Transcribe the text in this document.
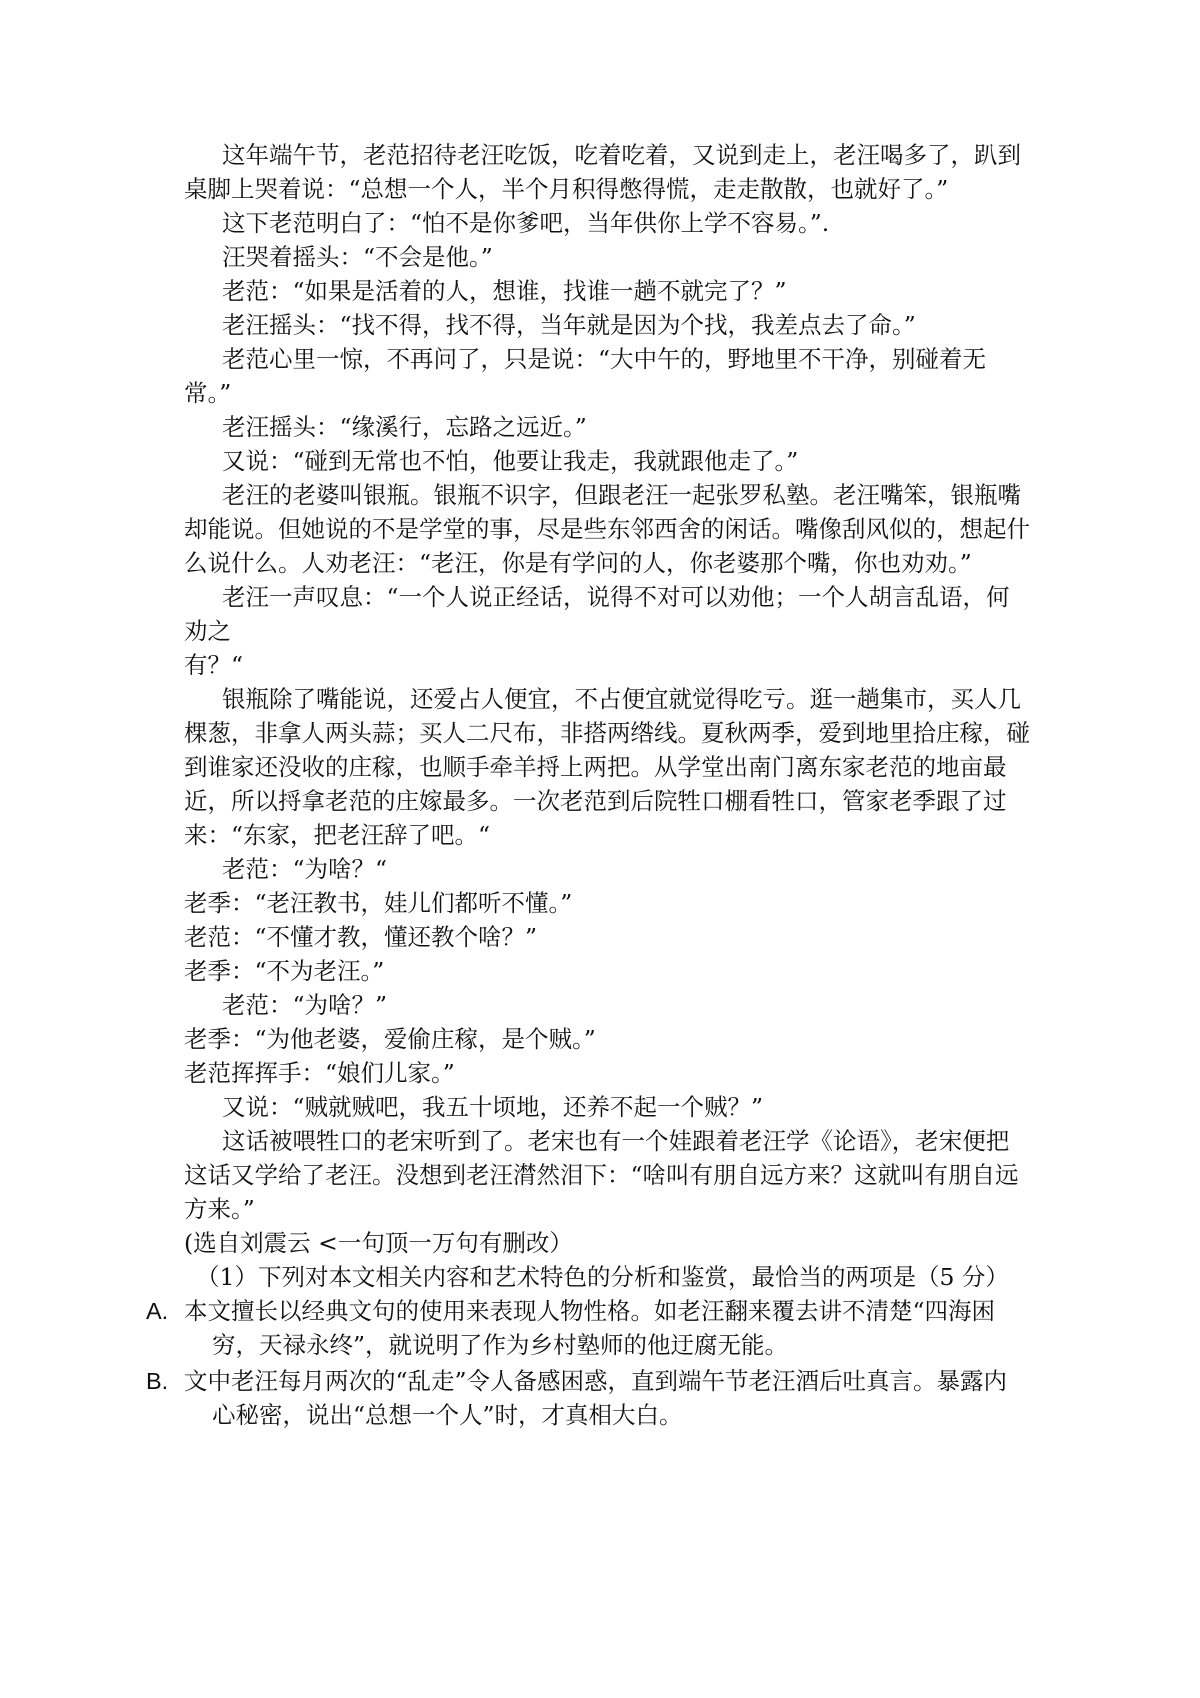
这年端午节，老范招待老汪吃饭，吃着吃着，又说到走上，老汪喝多了，趴到
桌脚上哭着说：“总想一个人，半个月积得憋得慌，走走散散，也就好了。”
这下老范明白了：“怕不是你爹吧，当年供你上学不容易。”.
汪哭着摇头：“不会是他。”
老范：“如果是活着的人，想谁，找谁一趟不就完了？”
老汪摇头：“找不得，找不得，当年就是因为个找，我差点去了命。”
老范心里一惊，不再问了，只是说：“大中午的，野地里不干净，别碰着无
常。”
老汪摇头：“缘溪行，忘路之远近。”
又说：“碰到无常也不怕，他要让我走，我就跟他走了。”
老汪的老婆叫银瓶。银瓶不识字，但跟老汪一起张罗私塾。老汪嘴笨，银瓶嘴
却能说。但她说的不是学堂的事，尽是些东邻西舍的闲话。嘴像刮风似的，想起什
么说什么。人劝老汪：“老汪，你是有学问的人，你老婆那个嘴，你也劝劝。”
老汪一声叹息：“一个人说正经话，说得不对可以劝他；一个人胡言乱语，何
劝之
有？“
银瓶除了嘴能说，还爱占人便宜，不占便宜就觉得吃亏。逛一趟集市，买人几
棵葱，非拿人两头蒜；买人二尺布，非搭两绺线。夏秋两季，爱到地里拾庄稼，碰
到谁家还没收的庄稼，也顺手牵羊捋上两把。从学堂出南门离东家老范的地亩最
近，所以捋拿老范的庄嫁最多。一次老范到后院牲口棚看牲口，管家老季跟了过
来：“东家，把老汪辞了吧。“
老范：“为啥？“
老季：“老汪教书，娃儿们都听不懂。”
老范：“不懂才教，懂还教个啥？”
老季：“不为老汪。”
老范：“为啥？”
老季：“为他老婆，爱偷庄稼，是个贼。”
老范挥挥手：“娘们儿家。”
又说：“贼就贼吧，我五十顷地，还养不起一个贼？”
这话被喂牲口的老宋听到了。老宋也有一个娃跟着老汪学《论语》，老宋便把
这话又学给了老汪。没想到老汪潸然泪下：“啥叫有朋自远方来？这就叫有朋自远
方来。”
(选自刘震云 <一句顶一万句有删改）
（1）下列对本文相关内容和艺术特色的分析和鉴赏，最恰当的两项是（5 分）
A. 本文擅长以经典文句的使用来表现人物性格。如老汪翻来覆去讲不清楚“四海困
穷，天禄永终”，就说明了作为乡村塾师的他迂腐无能。
B. 文中老汪每月两次的“乱走”令人备感困惑，直到端午节老汪酒后吐真言。暴露内
心秘密，说出“总想一个人”时，才真相大白。
